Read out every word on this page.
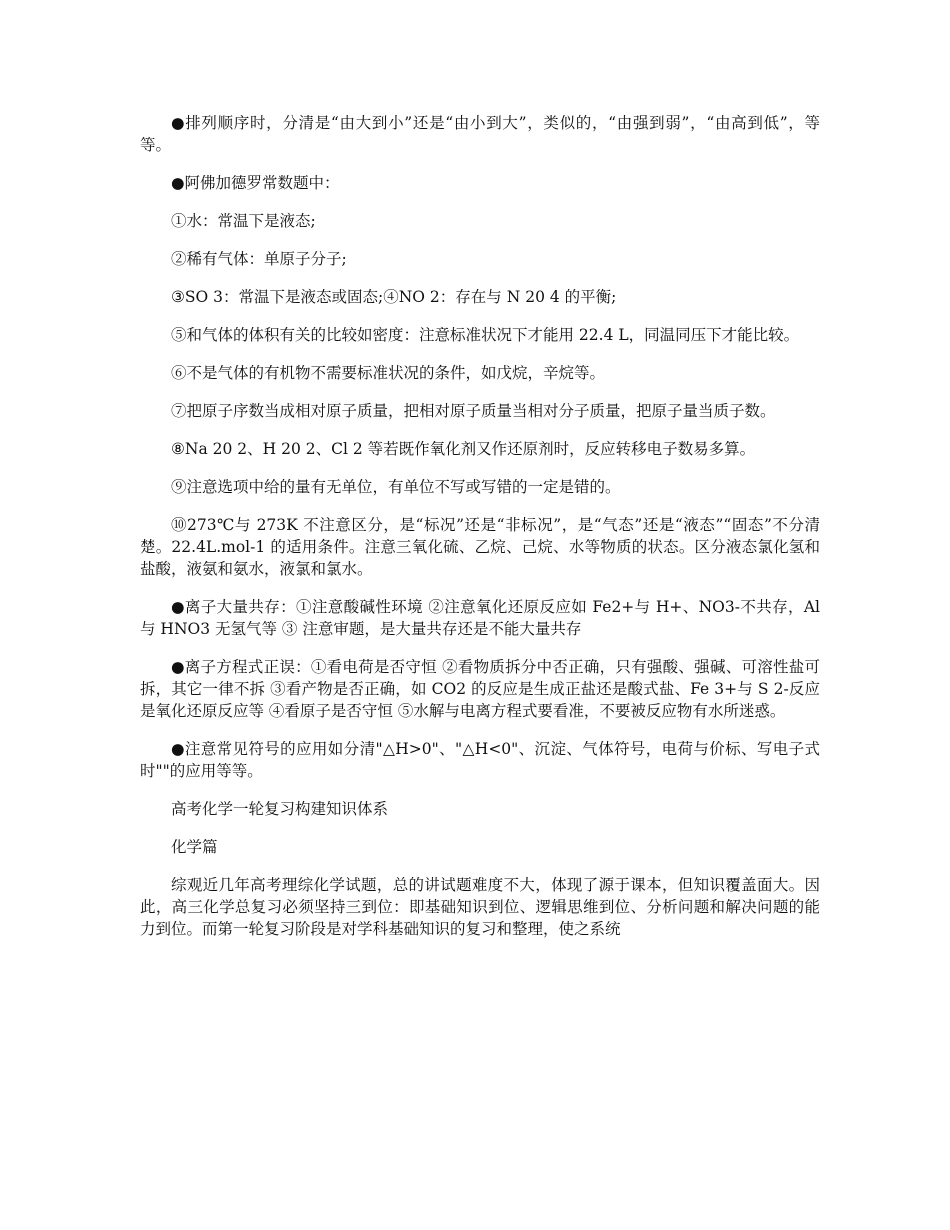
●排列顺序时，分清是“由大到小”还是“由小到大”，类似的，“由强到弱”，“由高到低”，等等。

●阿佛加德罗常数题中：

①水：常温下是液态;

②稀有气体：单原子分子;

③SO 3：常温下是液态或固态;④NO 2：存在与 N 20 4 的平衡;

⑤和气体的体积有关的比较如密度：注意标准状况下才能用 22.4 L，同温同压下才能比较。

⑥不是气体的有机物不需要标准状况的条件，如戊烷，辛烷等。

⑦把原子序数当成相对原子质量，把相对原子质量当相对分子质量，把原子量当质子数。

⑧Na 20 2、H 20 2、Cl 2 等若既作氧化剂又作还原剂时，反应转移电子数易多算。

⑨注意选项中给的量有无单位，有单位不写或写错的一定是错的。

⑩273℃与 273K 不注意区分，是“标况”还是“非标况”，是“气态”还是“液态”“固态”不分清楚。22.4L.mol-1 的适用条件。注意三氧化硫、乙烷、己烷、水等物质的状态。区分液态氯化氢和盐酸，液氨和氨水，液氯和氯水。

●离子大量共存：①注意酸碱性环境 ②注意氧化还原反应如 Fe2+与 H+、NO3-不共存，Al 与 HNO3 无氢气等 ③ 注意审题，是大量共存还是不能大量共存

●离子方程式正误：①看电荷是否守恒 ②看物质拆分中否正确，只有强酸、强碱、可溶性盐可拆，其它一律不拆 ③看产物是否正确，如 CO2 的反应是生成正盐还是酸式盐、Fe 3+与 S 2-反应是氧化还原反应等 ④看原子是否守恒 ⑤水解与电离方程式要看准，不要被反应物有水所迷惑。

●注意常见符号的应用如分清"△H>0"、"△H<0"、沉淀、气体符号，电荷与价标、写电子式时""的应用等等。

高考化学一轮复习构建知识体系

化学篇

综观近几年高考理综化学试题，总的讲试题难度不大，体现了源于课本，但知识覆盖面大。因此，高三化学总复习必须坚持三到位：即基础知识到位、逻辑思维到位、分析问题和解决问题的能力到位。而第一轮复习阶段是对学科基础知识的复习和整理，使之系统
